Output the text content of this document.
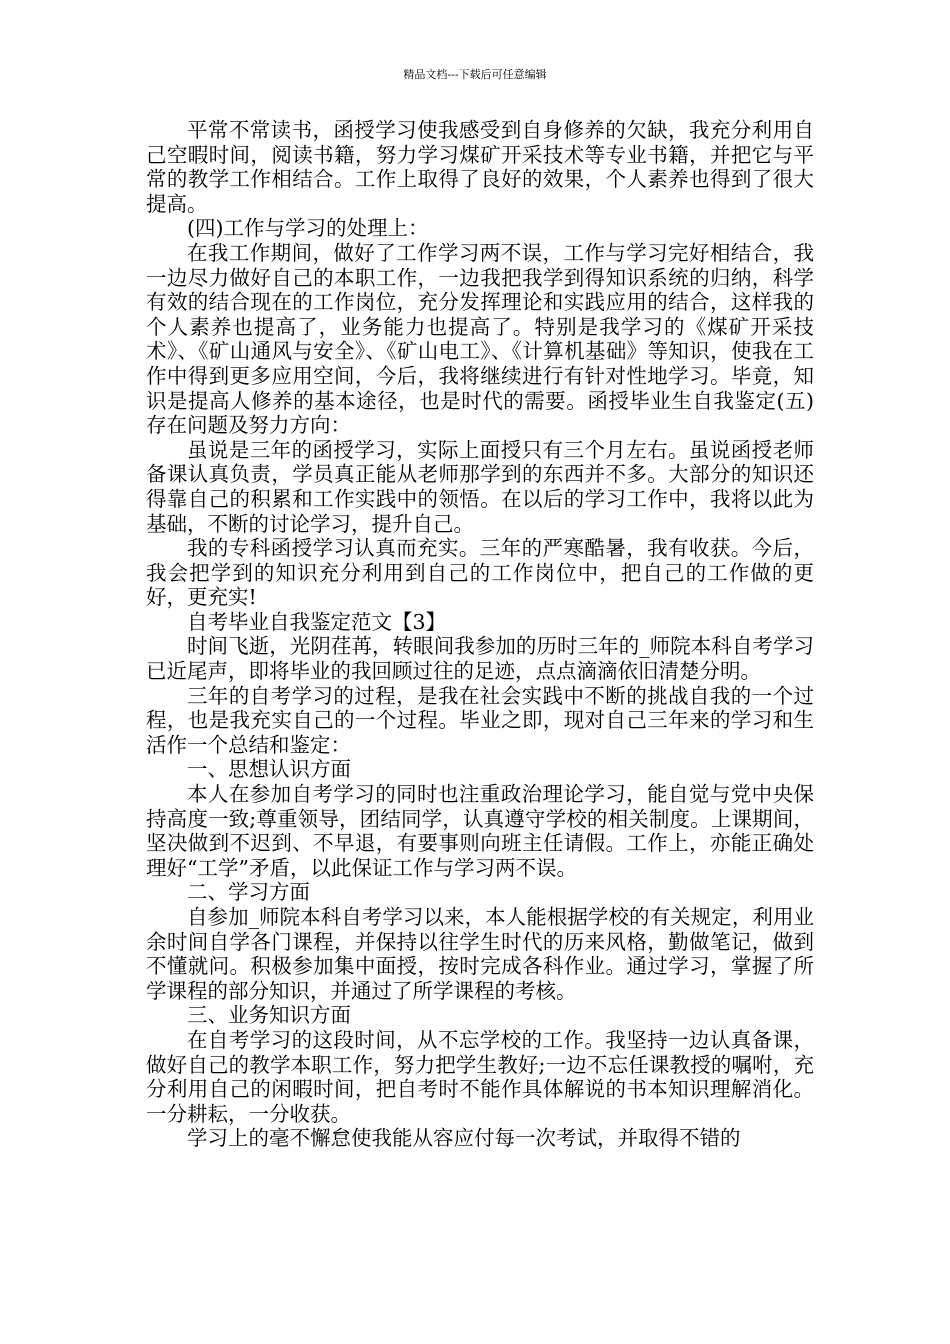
精品文档---下载后可任意编辑

平常不常读书，函授学习使我感受到自身修养的欠缺，我充分利用自己空暇时间，阅读书籍，努力学习煤矿开采技术等专业书籍，并把它与平常的教学工作相结合。工作上取得了良好的效果，个人素养也得到了很大提高。

(四)工作与学习的处理上：

在我工作期间，做好了工作学习两不误，工作与学习完好相结合，我一边尽力做好自己的本职工作，一边我把我学到得知识系统的归纳，科学有效的结合现在的工作岗位，充分发挥理论和实践应用的结合，这样我的个人素养也提高了，业务能力也提高了。特别是我学习的《煤矿开采技术》、《矿山通风与安全》、《矿山电工》、《计算机基础》等知识，使我在工作中得到更多应用空间，今后，我将继续进行有针对性地学习。毕竟，知识是提高人修养的基本途径，也是时代的需要。函授毕业生自我鉴定(五)存在问题及努力方向：

虽说是三年的函授学习，实际上面授只有三个月左右。虽说函授老师备课认真负责，学员真正能从老师那学到的东西并不多。大部分的知识还得靠自己的积累和工作实践中的领悟。在以后的学习工作中，我将以此为基础，不断的讨论学习，提升自己。

我的专科函授学习认真而充实。三年的严寒酷暑，我有收获。今后，我会把学到的知识充分利用到自己的工作岗位中，把自己的工作做的更好，更充实!

自考毕业自我鉴定范文【3】

时间飞逝，光阴荏苒，转眼间我参加的历时三年的_师院本科自考学习已近尾声，即将毕业的我回顾过往的足迹，点点滴滴依旧清楚分明。

三年的自考学习的过程，是我在社会实践中不断的挑战自我的一个过程，也是我充实自己的一个过程。毕业之即，现对自己三年来的学习和生活作一个总结和鉴定：

一、思想认识方面

本人在参加自考学习的同时也注重政治理论学习，能自觉与党中央保持高度一致;尊重领导，团结同学，认真遵守学校的相关制度。上课期间，坚决做到不迟到、不早退，有要事则向班主任请假。工作上，亦能正确处理好“工学”矛盾，以此保证工作与学习两不误。

二、学习方面

自参加_师院本科自考学习以来，本人能根据学校的有关规定，利用业余时间自学各门课程，并保持以往学生时代的历来风格，勤做笔记，做到不懂就问。积极参加集中面授，按时完成各科作业。通过学习，掌握了所学课程的部分知识，并通过了所学课程的考核。

三、业务知识方面

在自考学习的这段时间，从不忘学校的工作。我坚持一边认真备课，做好自己的教学本职工作，努力把学生教好;一边不忘任课教授的嘱咐，充分利用自己的闲暇时间，把自考时不能作具体解说的书本知识理解消化。一分耕耘，一分收获。

学习上的毫不懈怠使我能从容应付每一次考试，并取得不错的
